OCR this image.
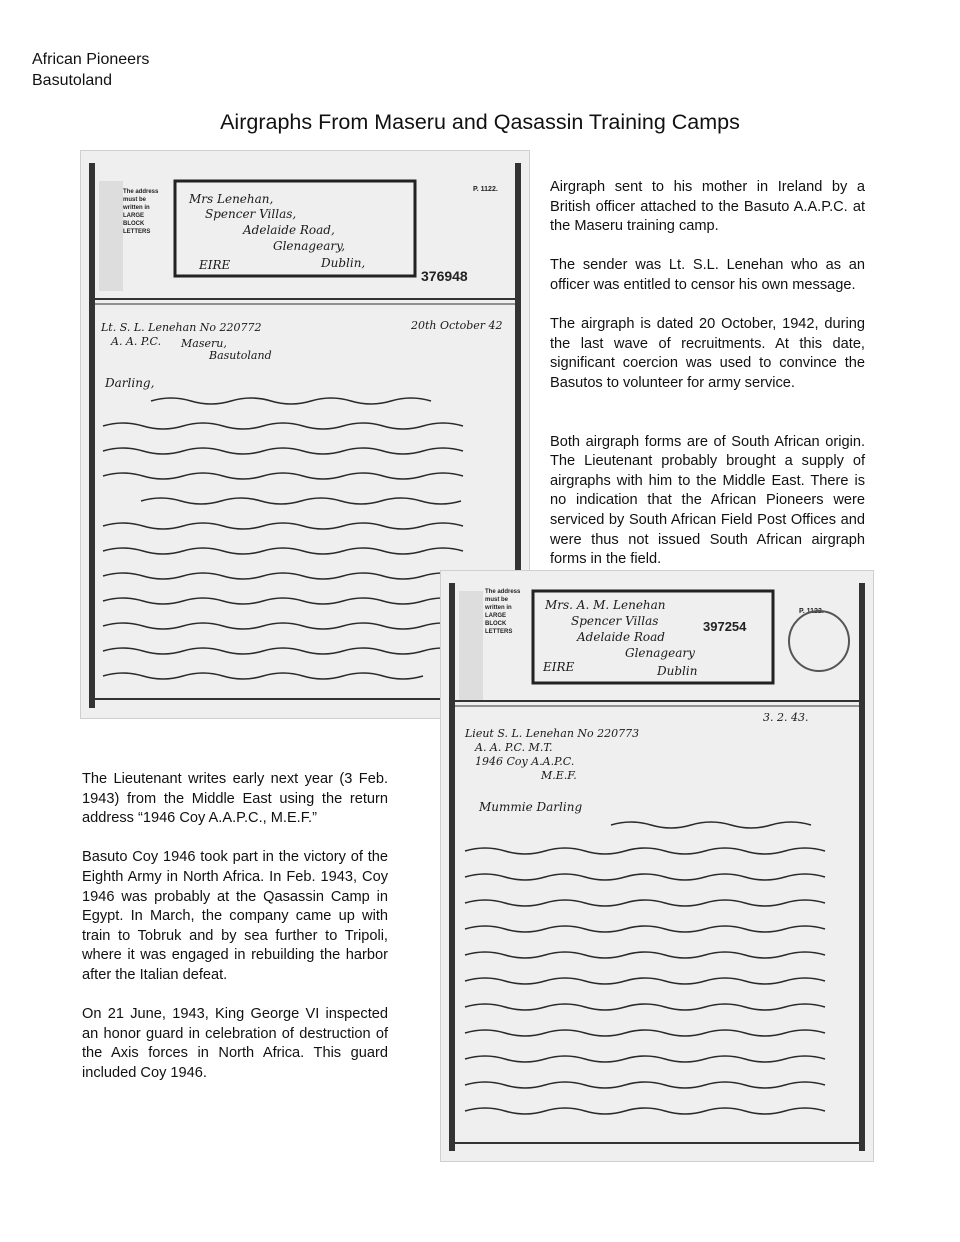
African Pioneers
Basutoland
Airgraphs From Maseru and Qasassin Training Camps
The address
must be
written in
LARGE
BLOCK
LETTERS
P. 1122.
Mrs Lenehan,
Spencer Villas,
Adelaide Road,
Glenageary,
Dublin,
EIRE
376948
Lt. S. L. Lenehan No 220772
A. A. P.C. Maseru,
Basutoland
20th October 42
Darling,
The address
must be
written in
LARGE
BLOCK
LETTERS
P. 1122.
Mrs. A. M. Lenehan
Spencer Villas
Adelaide Road
Glenageary
Dublin
EIRE
397254
Lieut S. L. Lenehan No 220773
A. A. P.C. M.T.
1946 Coy A.A.P.C.
M.E.F.
3. 2. 43.
Mummie Darling

Airgraph sent to his mother in Ireland by a British officer attached to the Basuto A.A.P.C. at the Maseru training camp.

The sender was Lt. S.L. Lenehan who as an officer was entitled to censor his own message.

The airgraph is dated 20 October, 1942, during the last wave of recruitments. At this date, significant coercion was used to convince the Basutos to volunteer for army service.

Both airgraph forms are of South African origin. The Lieutenant probably brought a supply of airgraphs with him to the Middle East. There is no indication that the African Pioneers were serviced by South African Field Post Offices and were thus not issued South African airgraph forms in the field.

The Lieutenant writes early next year (3 Feb. 1943) from the Middle East using the return address “1946 Coy A.A.P.C., M.E.F.”

Basuto Coy 1946 took part in the victory of the Eighth Army in North Africa. In Feb. 1943, Coy 1946 was probably at the Qasassin Camp in Egypt. In March, the company came up with train to Tobruk and by sea further to Tripoli, where it was engaged in rebuilding the harbor after the Italian defeat.

On 21 June, 1943, King George VI inspected an honor guard in celebration of destruction of the Axis forces in North Africa. This guard included Coy 1946.
